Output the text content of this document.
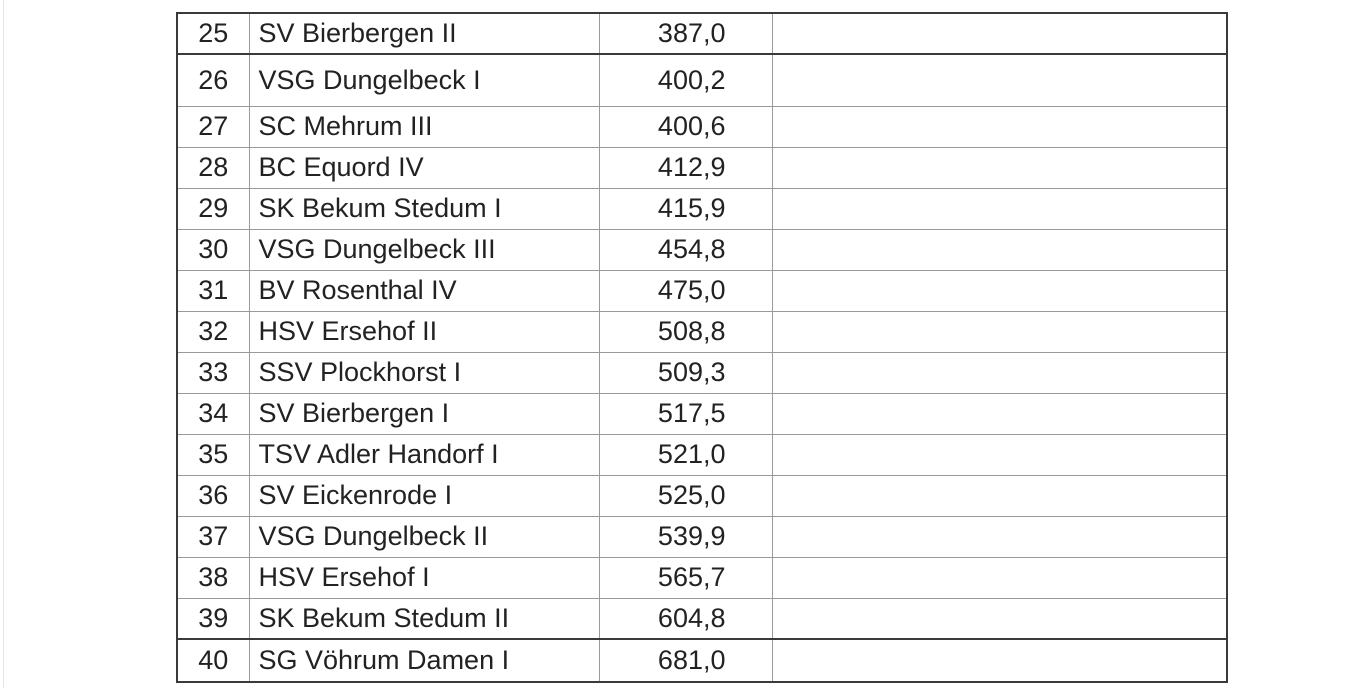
25	SV Bierbergen II	387,0	
26	VSG Dungelbeck I	400,2	
27	SC Mehrum III	400,6	
28	BC Equord IV	412,9	
29	SK Bekum Stedum I	415,9	
30	VSG Dungelbeck III	454,8	
31	BV Rosenthal IV	475,0	
32	HSV Ersehof II	508,8	
33	SSV Plockhorst I	509,3	
34	SV Bierbergen I	517,5	
35	TSV Adler Handorf I	521,0	
36	SV Eickenrode I	525,0	
37	VSG Dungelbeck II	539,9	
38	HSV Ersehof I	565,7	
39	SK Bekum Stedum II	604,8	
40	SG Vöhrum Damen I	681,0	
